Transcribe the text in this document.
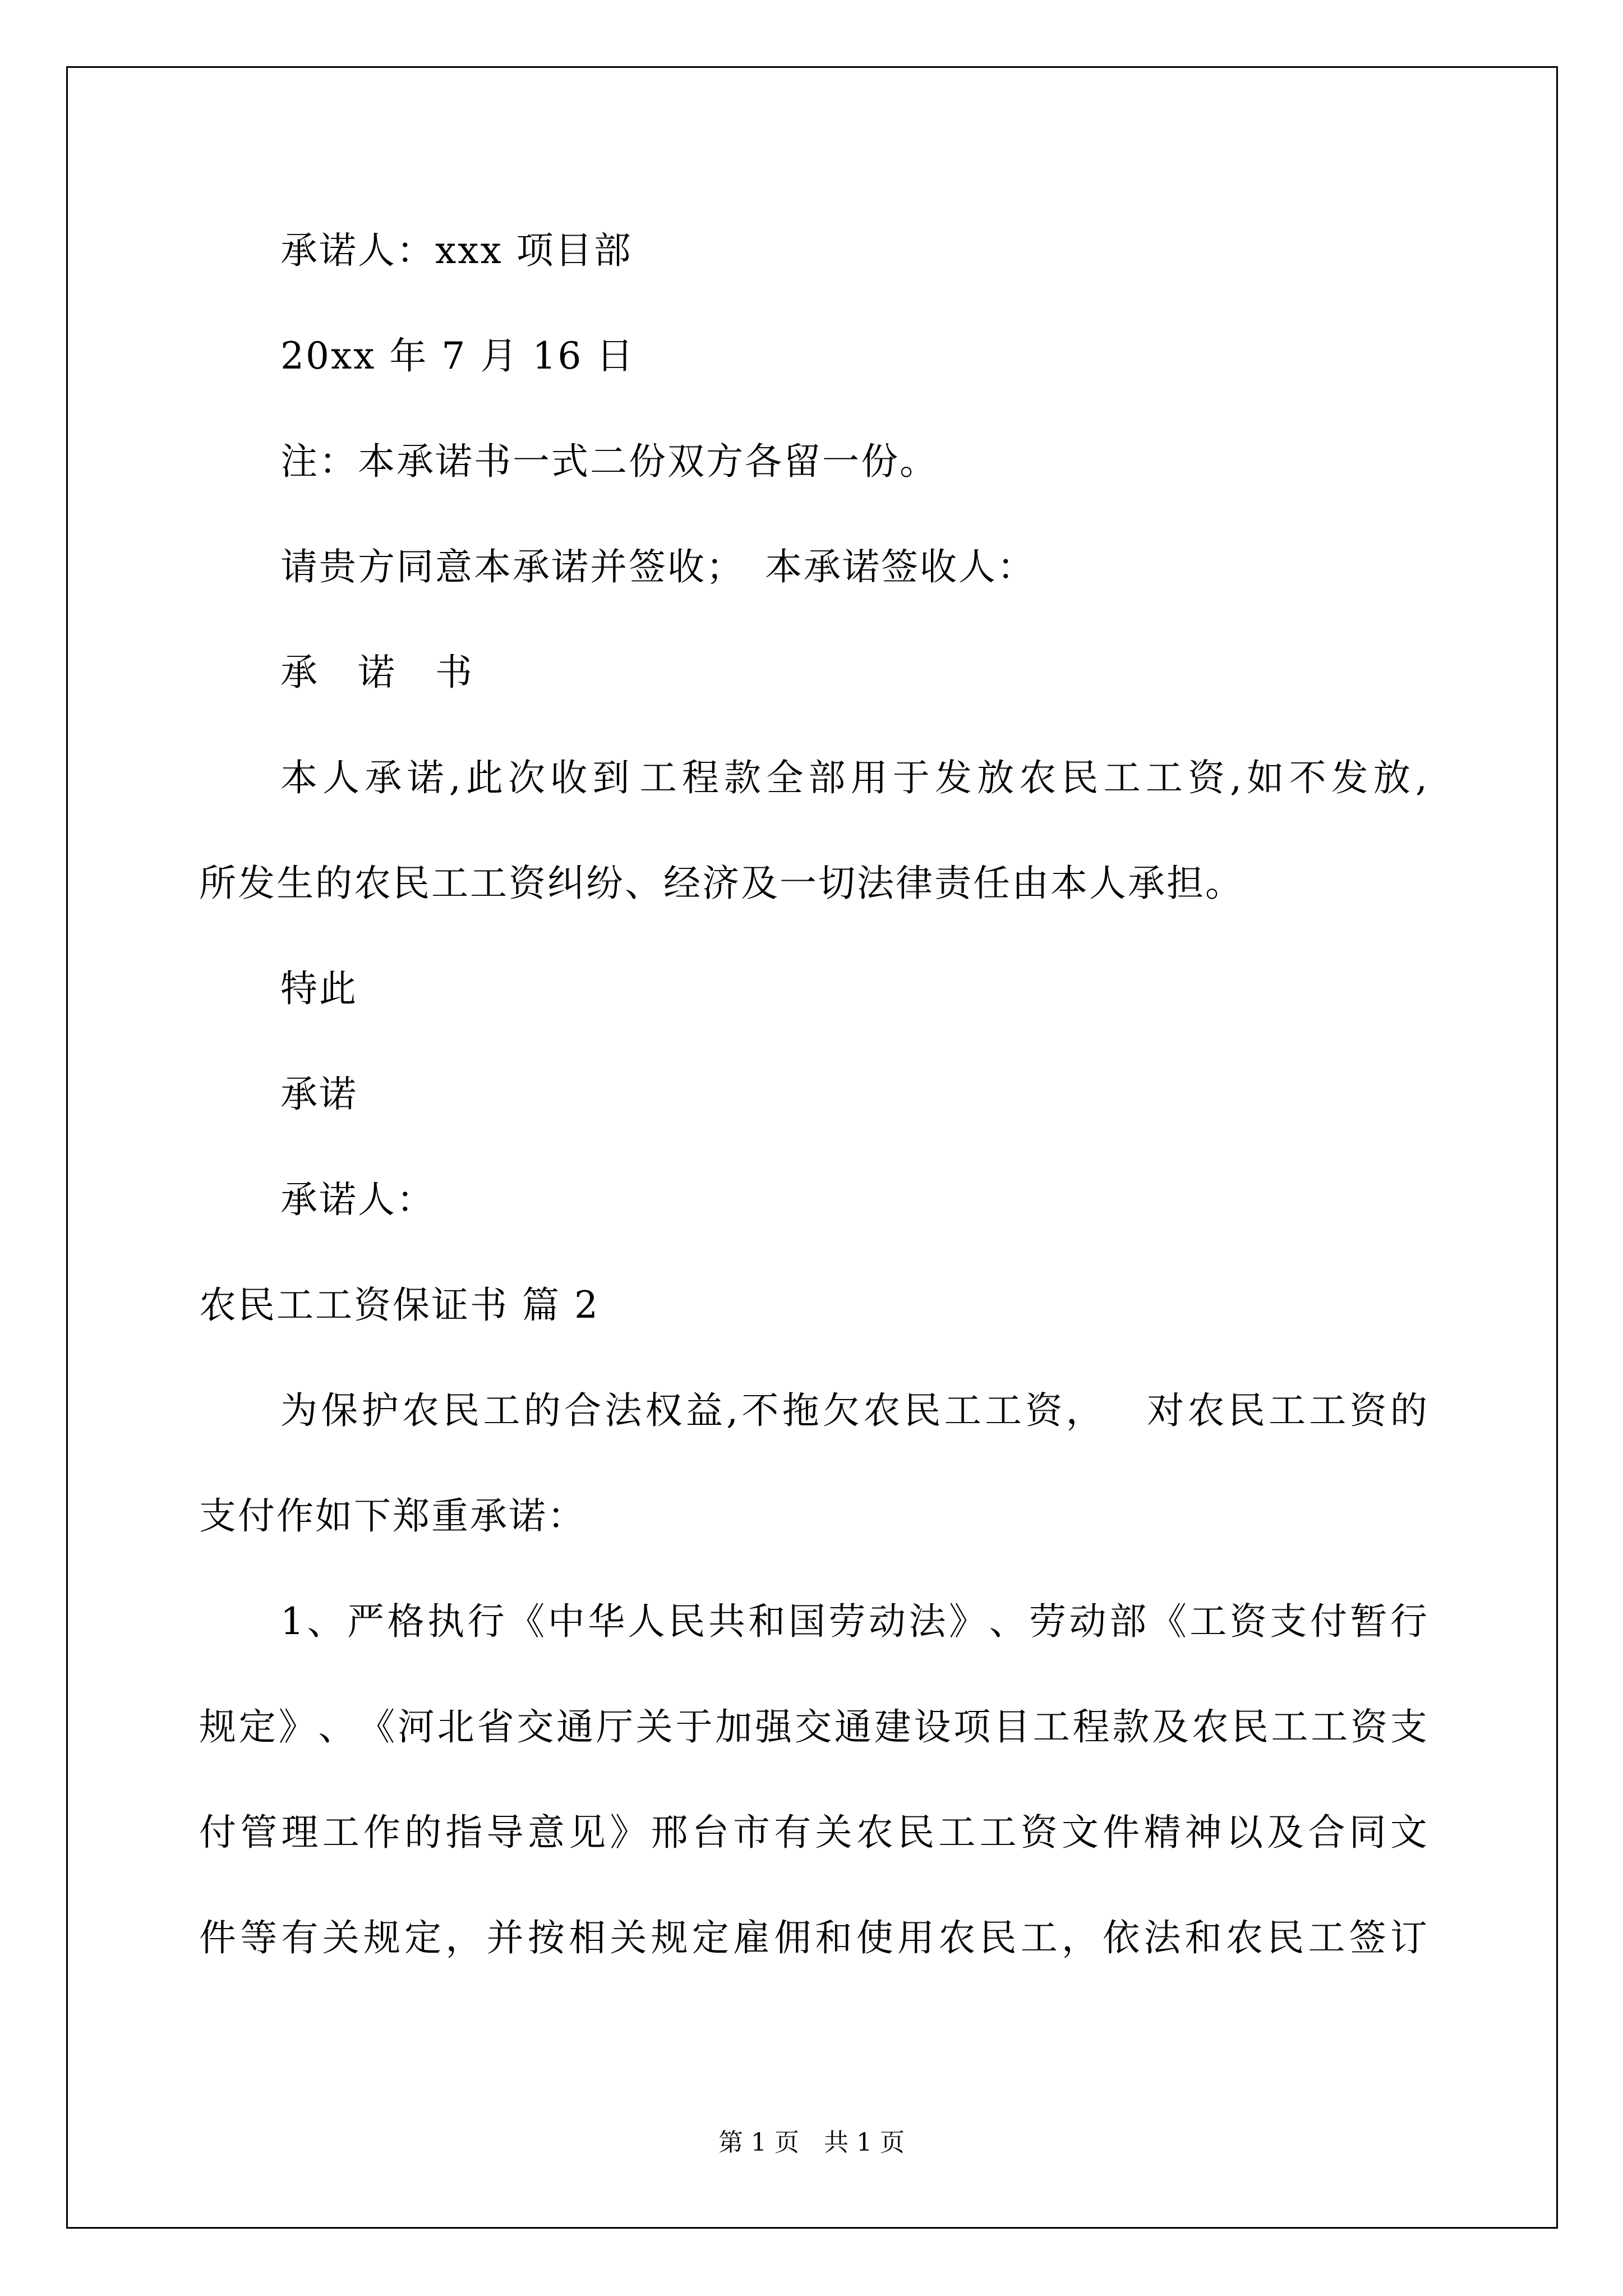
承诺人：xxx 项目部
20xx 年 7 月 16 日
注：本承诺书一式二份双方各留一份。
请贵方同意本承诺并签收；　本承诺签收人：
承　诺　书
本 人 承 诺 , 此 次 收 到 工 程 款 全 部 用 于 发 放 农 民 工 工 资 , 如 不 发 放 ,
所发生的农民工工资纠纷、经济及一切法律责任由本人承担。
特此
承诺
承诺人：
农民工工资保证书 篇 2
为 保 护 农 民 工 的 合 法 权 益 , 不 拖 欠 农 民 工 工 资 ，
　 对 农 民 工 工 资 的
支付作如下郑重承诺：
1 、 严 格 执 行 《 中 华 人 民 共 和 国 劳 动 法 》 、 劳 动 部 《 工 资 支 付 暂 行
规 定 》 、 《 河 北 省 交 通 厅 关 于 加 强 交 通 建 设 项 目 工 程 款 及 农 民 工 工 资 支
付 管 理 工 作 的 指 导 意 见 》 邢 台 市 有 关 农 民 工 工 资 文 件 精 神 以 及 合 同 文
件 等 有 关 规 定 ， 并 按 相 关 规 定 雇 佣 和 使 用 农 民 工 ， 依 法 和 农 民 工 签 订
第 1 页　共 1 页
